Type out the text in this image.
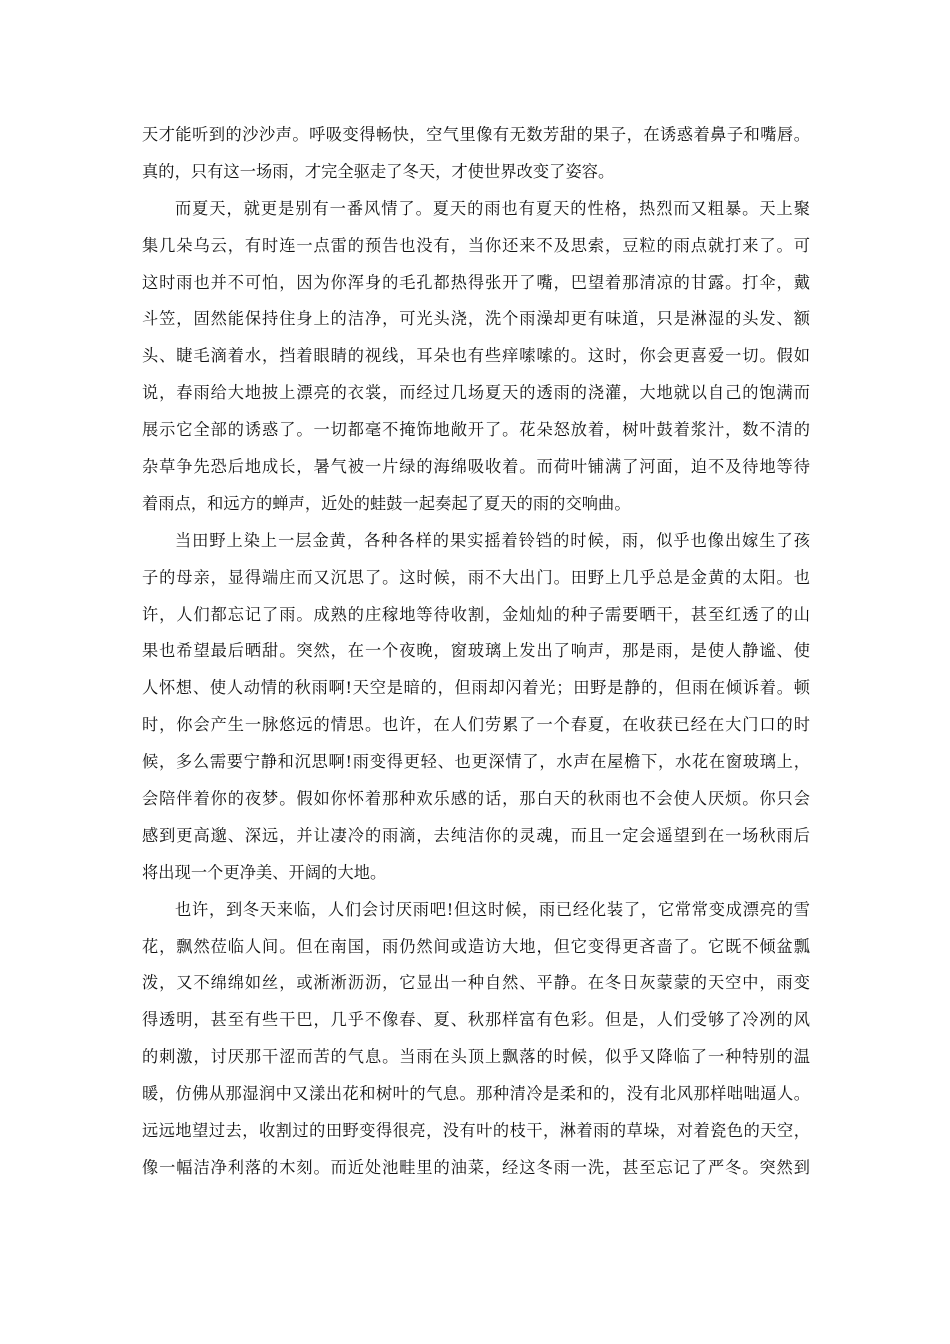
天才能听到的沙沙声。呼吸变得畅快，空气里像有无数芳甜的果子，在诱惑着鼻子和嘴唇。
真的，只有这一场雨，才完全驱走了冬天，才使世界改变了姿容。
而夏天，就更是别有一番风情了。夏天的雨也有夏天的性格，热烈而又粗暴。天上聚
集几朵乌云，有时连一点雷的预告也没有，当你还来不及思索，豆粒的雨点就打来了。可
这时雨也并不可怕，因为你浑身的毛孔都热得张开了嘴，巴望着那清凉的甘露。打伞，戴
斗笠，固然能保持住身上的洁净，可光头浇，洗个雨澡却更有味道，只是淋湿的头发、额
头、睫毛滴着水，挡着眼睛的视线，耳朵也有些痒嗦嗦的。这时，你会更喜爱一切。假如
说，春雨给大地披上漂亮的衣裳，而经过几场夏天的透雨的浇灌，大地就以自己的饱满而
展示它全部的诱惑了。一切都毫不掩饰地敞开了。花朵怒放着，树叶鼓着浆汁，数不清的
杂草争先恐后地成长，暑气被一片绿的海绵吸收着。而荷叶铺满了河面，迫不及待地等待
着雨点，和远方的蝉声，近处的蛙鼓一起奏起了夏天的雨的交响曲。
当田野上染上一层金黄，各种各样的果实摇着铃铛的时候，雨，似乎也像出嫁生了孩
子的母亲，显得端庄而又沉思了。这时候，雨不大出门。田野上几乎总是金黄的太阳。也
许，人们都忘记了雨。成熟的庄稼地等待收割，金灿灿的种子需要晒干，甚至红透了的山
果也希望最后晒甜。突然，在一个夜晚，窗玻璃上发出了响声，那是雨，是使人静谧、使
人怀想、使人动情的秋雨啊!天空是暗的，但雨却闪着光；田野是静的，但雨在倾诉着。顿
时，你会产生一脉悠远的情思。也许，在人们劳累了一个春夏，在收获已经在大门口的时
候，多么需要宁静和沉思啊!雨变得更轻、也更深情了，水声在屋檐下，水花在窗玻璃上，
会陪伴着你的夜梦。假如你怀着那种欢乐感的话，那白天的秋雨也不会使人厌烦。你只会
感到更高邈、深远，并让凄冷的雨滴，去纯洁你的灵魂，而且一定会遥望到在一场秋雨后
将出现一个更净美、开阔的大地。
也许，到冬天来临，人们会讨厌雨吧!但这时候，雨已经化装了，它常常变成漂亮的雪
花，飘然莅临人间。但在南国，雨仍然间或造访大地，但它变得更吝啬了。它既不倾盆瓢
泼，又不绵绵如丝，或淅淅沥沥，它显出一种自然、平静。在冬日灰蒙蒙的天空中，雨变
得透明，甚至有些干巴，几乎不像春、夏、秋那样富有色彩。但是，人们受够了冷冽的风
的刺激，讨厌那干涩而苦的气息。当雨在头顶上飘落的时候，似乎又降临了一种特别的温
暖，仿佛从那湿润中又漾出花和树叶的气息。那种清冷是柔和的，没有北风那样咄咄逼人。
远远地望过去，收割过的田野变得很亮，没有叶的枝干，淋着雨的草垛，对着瓷色的天空，
像一幅洁净利落的木刻。而近处池畦里的油菜，经这冬雨一洗，甚至忘记了严冬。突然到
